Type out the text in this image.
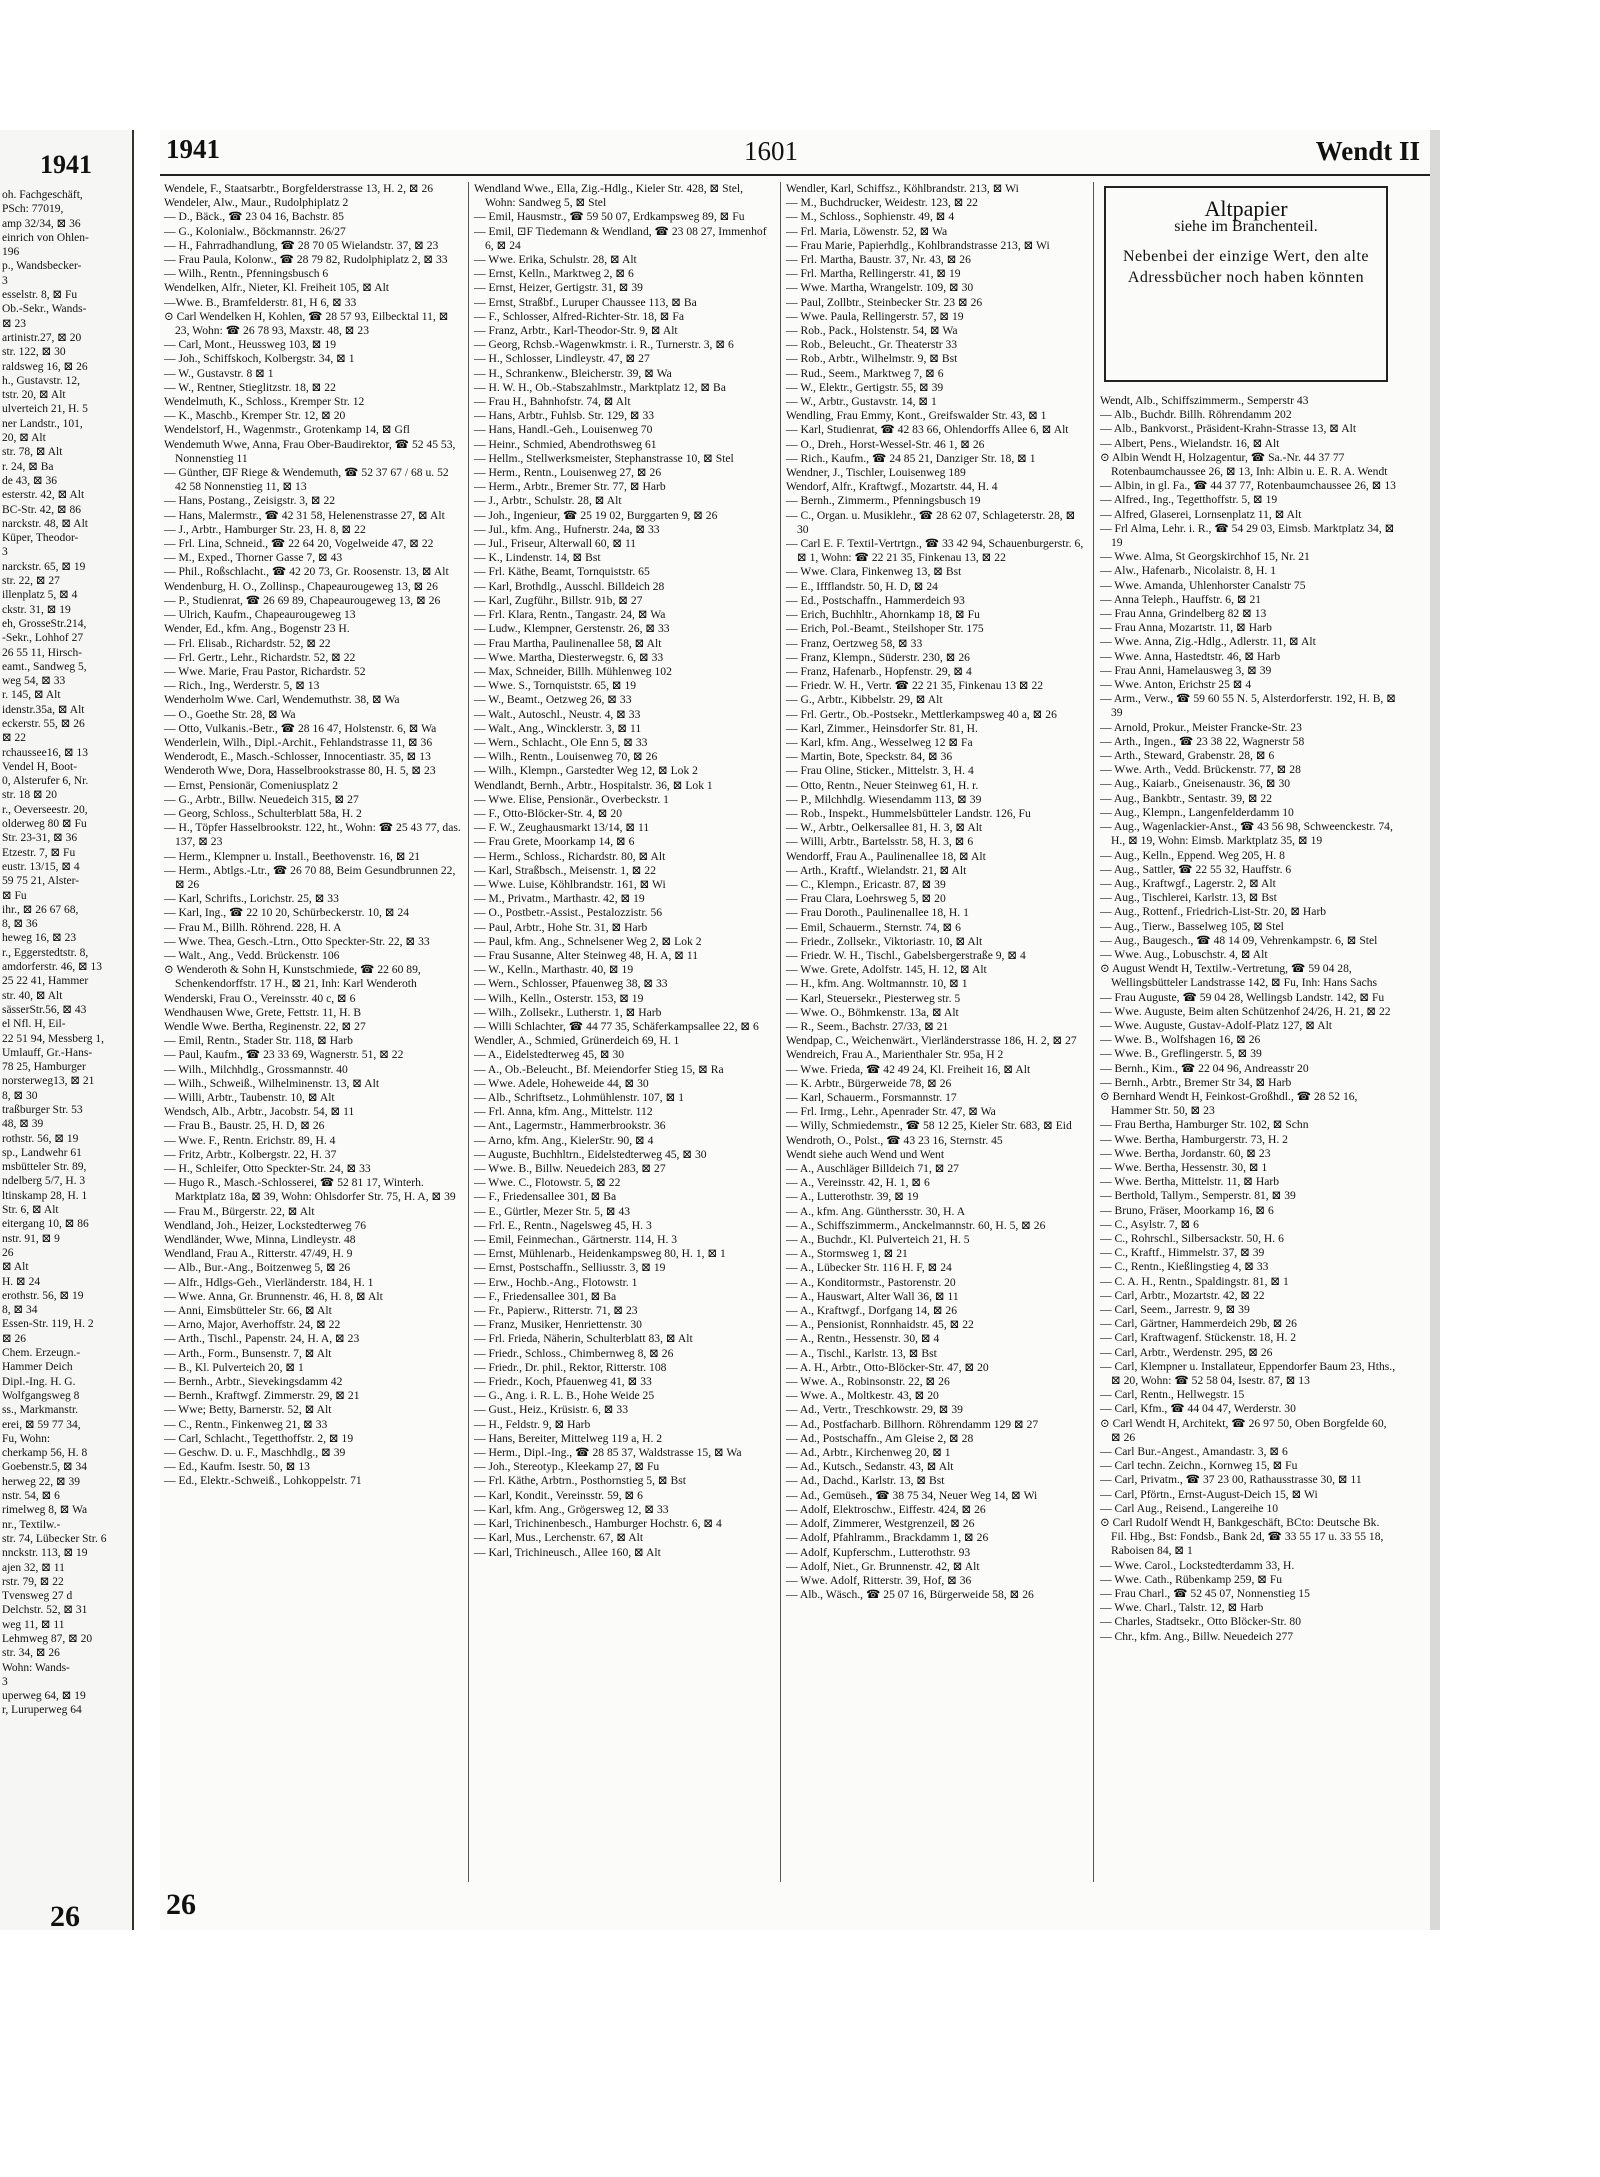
1941
oh. Fachgeschäft,
PSch: 77019,
amp 32/34, ⊠ 36
einrich von Ohlen-
196
p., Wandsbecker-
3
esselstr. 8, ⊠ Fu
Ob.-Sekr., Wands-
⊠ 23
artinistr.27, ⊠ 20
str. 122, ⊠ 30
raldsweg 16, ⊠ 26
h., Gustavstr. 12,
tstr. 20, ⊠ Alt
ulverteich 21, H. 5
ner Landstr., 101,
20, ⊠ Alt
str. 78, ⊠ Alt
r. 24, ⊠ Ba
de 43, ⊠ 36
esterstr. 42, ⊠ Alt
BC-Str. 42, ⊠ 86
narckstr. 48, ⊠ Alt
Küper, Theodor-
3
narckstr. 65, ⊠ 19
str. 22, ⊠ 27
illenplatz 5, ⊠ 4
ckstr. 31, ⊠ 19
eh, GrosseStr.214,
-Sekr., Lohhof 27
26 55 11, Hirsch-
eamt., Sandweg 5,
weg 54, ⊠ 33
r. 145, ⊠ Alt
idenstr.35a, ⊠ Alt
eckerstr. 55, ⊠ 26
⊠ 22
rchaussee16, ⊠ 13
Vendel H, Boot-
0, Alsterufer 6, Nr.
str. 18 ⊠ 20
r., Oeverseestr. 20,
olderweg 80 ⊠ Fu
Str. 23-31, ⊠ 36
Etzestr. 7, ⊠ Fu
eustr. 13/15, ⊠ 4
59 75 21, Alster-
⊠ Fu
ihr., ⊠ 26 67 68,
8, ⊠ 36
heweg 16, ⊠ 23
r., Eggerstedtstr. 8,
amdorferstr. 46, ⊠ 13
25 22 41, Hammer
str. 40, ⊠ Alt
sässerStr.56, ⊠ 43
el Nfl. H, Eil-
22 51 94, Messberg 1,
Umlauff, Gr.-Hans-
78 25, Hamburger
norsterweg13, ⊠ 21
8, ⊠ 30
traßburger Str. 53
48, ⊠ 39
rothstr. 56, ⊠ 19
sp., Landwehr 61
msbütteler Str. 89,
ndelberg 5/7, H. 3
ltinskamp 28, H. 1
Str. 6, ⊠ Alt
eitergang 10, ⊠ 86
nstr. 91, ⊠ 9
26
⊠ Alt
H. ⊠ 24
erothstr. 56, ⊠ 19
8, ⊠ 34
Essen-Str. 119, H. 2
⊠ 26
Chem. Erzeugn.-
Hammer Deich
Dipl.-Ing. H. G.
Wolfgangsweg 8
ss., Markmanstr.
erei, ⊠ 59 77 34,
Fu, Wohn:
cherkamp 56, H. 8
Goebenstr.5, ⊠ 34
herweg 22, ⊠ 39
nstr. 54, ⊠ 6
rimelweg 8, ⊠ Wa
nr., Textilw.-
str. 74, Lübecker Str. 6
nnckstr. 113, ⊠ 19
ajen 32, ⊠ 11
rstr. 79, ⊠ 22
Tvensweg 27 d
Delchstr. 52, ⊠ 31
weg 11, ⊠ 11
Lehmweg 87, ⊠ 20
str. 34, ⊠ 26
Wohn: Wands-
3
uperweg 64, ⊠ 19
r, Luruperweg 64
26
1941	1601	Wendt II

Wendele, F., Staatsarbtr., Borgfelderstrasse 13, H. 2, ⊠ 26

Wendeler, Alw., Maur., Rudolphiplatz 2

— D., Bäck., ☎ 23 04 16, Bachstr. 85

— G., Kolonialw., Böckmannstr. 26/27

— H., Fahrradhandlung, ☎ 28 70 05 Wielandstr. 37, ⊠ 23

— Frau Paula, Kolonw., ☎ 28 79 82, Rudolphiplatz 2, ⊠ 33

— Wilh., Rentn., Pfenningsbusch 6

Wendelken, Alfr., Nieter, Kl. Freiheit 105, ⊠ Alt

—Wwe. B., Bramfelderstr. 81, H 6, ⊠ 33

⊙ Carl Wendelken H, Kohlen, ☎ 28 57 93, Eilbecktal 11, ⊠ 23, Wohn: ☎ 26 78 93, Maxstr. 48, ⊠ 23

— Carl, Mont., Heussweg 103, ⊠ 19

— Joh., Schiffskoch, Kolbergstr. 34, ⊠ 1

— W., Gustavstr. 8 ⊠ 1

— W., Rentner, Stieglitzstr. 18, ⊠ 22

Wendelmuth, K., Schloss., Kremper Str. 12

— K., Maschb., Kremper Str. 12, ⊠ 20

Wendelstorf, H., Wagenmstr., Grotenkamp 14, ⊠ Gfl

Wendemuth Wwe, Anna, Frau Ober-Baudirektor, ☎ 52 45 53, Nonnenstieg 11

— Günther, ⊡F Riege & Wendemuth, ☎ 52 37 67 / 68 u. 52 42 58 Nonnenstieg 11, ⊠ 13

— Hans, Postang., Zeisigstr. 3, ⊠ 22

— Hans, Malermstr., ☎ 42 31 58, Helenenstrasse 27, ⊠ Alt

— J., Arbtr., Hamburger Str. 23, H. 8, ⊠ 22

— Frl. Lina, Schneid., ☎ 22 64 20, Vogelweide 47, ⊠ 22

— M., Exped., Thorner Gasse 7, ⊠ 43

— Phil., Roßschlacht., ☎ 42 20 73, Gr. Roosenstr. 13, ⊠ Alt

Wendenburg, H. O., Zollinsp., Chapeaurougeweg 13, ⊠ 26

— P., Studienrat, ☎ 26 69 89, Chapeaurougeweg 13, ⊠ 26

— Ulrich, Kaufm., Chapeaurougeweg 13

Wender, Ed., kfm. Ang., Bogenstr 23 H.

— Frl. Elisab., Richardstr. 52, ⊠ 22

— Frl. Gertr., Lehr., Richardstr. 52, ⊠ 22

— Wwe. Marie, Frau Pastor, Richardstr. 52

— Rich., Ing., Werderstr. 5, ⊠ 13

Wenderholm Wwe. Carl, Wendemuthstr. 38, ⊠ Wa

— O., Goethe Str. 28, ⊠ Wa

— Otto, Vulkanis.-Betr., ☎ 28 16 47, Holstenstr. 6, ⊠ Wa

Wenderlein, Wilh., Dipl.-Archit., Fehlandstrasse 11, ⊠ 36

Wenderodt, E., Masch.-Schlosser, Innocentiastr. 35, ⊠ 13

Wenderoth Wwe, Dora, Hasselbrookstrasse 80, H. 5, ⊠ 23

— Ernst, Pensionär, Comeniusplatz 2

— G., Arbtr., Billw. Neuedeich 315, ⊠ 27

— Georg, Schloss., Schulterblatt 58a, H. 2

— H., Töpfer Hasselbrookstr. 122, ht., Wohn: ☎ 25 43 77, das. 137, ⊠ 23

— Herm., Klempner u. Install., Beethovenstr. 16, ⊠ 21

— Herm., Abtlgs.-Ltr., ☎ 26 70 88, Beim Gesundbrunnen 22, ⊠ 26

— Karl, Schrifts., Lorichstr. 25, ⊠ 33

— Karl, Ing., ☎ 22 10 20, Schürbeckerstr. 10, ⊠ 24

— Frau M., Billh. Röhrend. 228, H. A

— Wwe. Thea, Gesch.-Ltrn., Otto Speckter-Str. 22, ⊠ 33

— Walt., Ang., Vedd. Brückenstr. 106

⊙ Wenderoth & Sohn H, Kunstschmiede, ☎ 22 60 89, Schenkendorffstr. 17 H., ⊠ 21, Inh: Karl Wenderoth

Wenderski, Frau O., Vereinsstr. 40 c, ⊠ 6

Wendhausen Wwe, Grete, Fettstr. 11, H. B

Wendle Wwe. Bertha, Reginenstr. 22, ⊠ 27

— Emil, Rentn., Stader Str. 118, ⊠ Harb

— Paul, Kaufm., ☎ 23 33 69, Wagnerstr. 51, ⊠ 22

— Wilh., Milchhdlg., Grossmannstr. 40

— Wilh., Schweiß., Wilhelminenstr. 13, ⊠ Alt

— Willi, Arbtr., Taubenstr. 10, ⊠ Alt

Wendsch, Alb., Arbtr., Jacobstr. 54, ⊠ 11

— Frau B., Baustr. 25, H. D, ⊠ 26

— Wwe. F., Rentn. Erichstr. 89, H. 4

— Fritz, Arbtr., Kolbergstr. 22, H. 37

— H., Schleifer, Otto Speckter-Str. 24, ⊠ 33

— Hugo R., Masch.-Schlosserei, ☎ 52 81 17, Winterh. Marktplatz 18a, ⊠ 39, Wohn: Ohlsdorfer Str. 75, H. A, ⊠ 39

— Frau M., Bürgerstr. 22, ⊠ Alt

Wendland, Joh., Heizer, Lockstedterweg 76

Wendländer, Wwe, Minna, Lindleystr. 48

Wendland, Frau A., Ritterstr. 47/49, H. 9

— Alb., Bur.-Ang., Boitzenweg 5, ⊠ 26

— Alfr., Hdlgs-Geh., Vierländerstr. 184, H. 1

— Wwe. Anna, Gr. Brunnenstr. 46, H. 8, ⊠ Alt

— Anni, Eimsbütteler Str. 66, ⊠ Alt

— Arno, Major, Averhoffstr. 24, ⊠ 22

— Arth., Tischl., Papenstr. 24, H. A, ⊠ 23

— Arth., Form., Bunsenstr. 7, ⊠ Alt

— B., Kl. Pulverteich 20, ⊠ 1

— Bernh., Arbtr., Sievekingsdamm 42

— Bernh., Kraftwgf. Zimmerstr. 29, ⊠ 21

— Wwe; Betty, Barnerstr. 52, ⊠ Alt

— C., Rentn., Finkenweg 21, ⊠ 33

— Carl, Schlacht., Tegetthoffstr. 2, ⊠ 19

— Geschw. D. u. F., Maschhdlg., ⊠ 39

— Ed., Kaufm. Isestr. 50, ⊠ 13

— Ed., Elektr.-Schweiß., Lohkoppelstr. 71

Wendland Wwe., Ella, Zig.-Hdlg., Kieler Str. 428, ⊠ Stel, Wohn: Sandweg 5, ⊠ Stel

— Emil, Hausmstr., ☎ 59 50 07, Erdkampsweg 89, ⊠ Fu

— Emil, ⊡F Tiedemann & Wendland, ☎ 23 08 27, Immenhof 6, ⊠ 24

— Wwe. Erika, Schulstr. 28, ⊠ Alt

— Ernst, Kelln., Marktweg 2, ⊠ 6

— Ernst, Heizer, Gertigstr. 31, ⊠ 39

— Ernst, Straßbf., Luruper Chaussee 113, ⊠ Ba

— F., Schlosser, Alfred-Richter-Str. 18, ⊠ Fa

— Franz, Arbtr., Karl-Theodor-Str. 9, ⊠ Alt

— Georg, Rchsb.-Wagenwkmstr. i. R., Turnerstr. 3, ⊠ 6

— H., Schlosser, Lindleystr. 47, ⊠ 27

— H., Schrankenw., Bleicherstr. 39, ⊠ Wa

— H. W. H., Ob.-Stabszahlmstr., Marktplatz 12, ⊠ Ba

— Frau H., Bahnhofstr. 74, ⊠ Alt

— Hans, Arbtr., Fuhlsb. Str. 129, ⊠ 33

— Hans, Handl.-Geh., Louisenweg 70

— Heinr., Schmied, Abendrothsweg 61

— Hellm., Stellwerksmeister, Stephanstrasse 10, ⊠ Stel

— Herm., Rentn., Louisenweg 27, ⊠ 26

— Herm., Arbtr., Bremer Str. 77, ⊠ Harb

— J., Arbtr., Schulstr. 28, ⊠ Alt

— Joh., Ingenieur, ☎ 25 19 02, Burggarten 9, ⊠ 26

— Jul., kfm. Ang., Hufnerstr. 24a, ⊠ 33

— Jul., Friseur, Alterwall 60, ⊠ 11

— K., Lindenstr. 14, ⊠ Bst

— Frl. Käthe, Beamt, Tornquiststr. 65

— Karl, Brothdlg., Ausschl. Billdeich 28

— Karl, Zugführ., Billstr. 91b, ⊠ 27

— Frl. Klara, Rentn., Tangastr. 24, ⊠ Wa

— Ludw., Klempner, Gerstenstr. 26, ⊠ 33

— Frau Martha, Paulinenallee 58, ⊠ Alt

— Wwe. Martha, Diesterwegstr. 6, ⊠ 33

— Max, Schneider, Billh. Mühlenweg 102

— Wwe. S., Tornquiststr. 65, ⊠ 19

— W., Beamt., Oetzweg 26, ⊠ 33

— Walt., Autoschl., Neustr. 4, ⊠ 33

— Walt., Ang., Wincklerstr. 3, ⊠ 11

— Wern., Schlacht., Ole Enn 5, ⊠ 33

— Wilh., Rentn., Louisenweg 70, ⊠ 26

— Wilh., Klempn., Garstedter Weg 12, ⊠ Lok 2

Wendlandt, Bernh., Arbtr., Hospitalstr. 36, ⊠ Lok 1

— Wwe. Elise, Pensionär., Overbeckstr. 1

— F., Otto-Blöcker-Str. 4, ⊠ 20

— F. W., Zeughausmarkt 13/14, ⊠ 11

— Frau Grete, Moorkamp 14, ⊠ 6

— Herm., Schloss., Richardstr. 80, ⊠ Alt

— Karl, Straßbsch., Meisenstr. 1, ⊠ 22

— Wwe. Luise, Köhlbrandstr. 161, ⊠ Wi

— M., Privatm., Marthastr. 42, ⊠ 19

— O., Postbetr.-Assist., Pestalozzistr. 56

— Paul, Arbtr., Hohe Str. 31, ⊠ Harb

— Paul, kfm. Ang., Schnelsener Weg 2, ⊠ Lok 2

— Frau Susanne, Alter Steinweg 48, H. A, ⊠ 11

— W., Kelln., Marthastr. 40, ⊠ 19

— Wern., Schlosser, Pfauenweg 38, ⊠ 33

— Wilh., Kelln., Osterstr. 153, ⊠ 19

— Wilh., Zollsekr., Lutherstr. 1, ⊠ Harb

— Willi Schlachter, ☎ 44 77 35, Schäferkampsallee 22, ⊠ 6

Wendler, A., Schmied, Grünerdeich 69, H. 1

— A., Eidelstedterweg 45, ⊠ 30

— A., Ob.-Beleucht., Bf. Meiendorfer Stieg 15, ⊠ Ra

— Wwe. Adele, Hoheweide 44, ⊠ 30

— Alb., Schriftsetz., Lohmühlenstr. 107, ⊠ 1

— Frl. Anna, kfm. Ang., Mittelstr. 112

— Ant., Lagermstr., Hammerbrookstr. 36

— Arno, kfm. Ang., KielerStr. 90, ⊠ 4

— Auguste, Buchhltrn., Eidelstedterweg 45, ⊠ 30

— Wwe. B., Billw. Neuedeich 283, ⊠ 27

— Wwe. C., Flotowstr. 5, ⊠ 22

— F., Friedensallee 301, ⊠ Ba

— E., Gürtler, Mezer Str. 5, ⊠ 43

— Frl. E., Rentn., Nagelsweg 45, H. 3

— Emil, Feinmechan., Gärtnerstr. 114, H. 3

— Ernst, Mühlenarb., Heidenkampsweg 80, H. 1, ⊠ 1

— Ernst, Postschaffn., Selliusstr. 3, ⊠ 19

— Erw., Hochb.-Ang., Flotowstr. 1

— F., Friedensallee 301, ⊠ Ba

— Fr., Papierw., Ritterstr. 71, ⊠ 23

— Franz, Musiker, Henriettenstr. 30

— Frl. Frieda, Näherin, Schulterblatt 83, ⊠ Alt

— Friedr., Schloss., Chimbernweg 8, ⊠ 26

— Friedr., Dr. phil., Rektor, Ritterstr. 108

— Friedr., Koch, Pfauenweg 41, ⊠ 33

— G., Ang. i. R. L. B., Hohe Weide 25

— Gust., Heiz., Krüsistr. 6, ⊠ 33

— H., Feldstr. 9, ⊠ Harb

— Hans, Bereiter, Mittelweg 119 a, H. 2

— Herm., Dipl.-Ing., ☎ 28 85 37, Waldstrasse 15, ⊠ Wa

— Joh., Stereotyp., Kleekamp 27, ⊠ Fu

— Frl. Käthe, Arbtrn., Posthornstieg 5, ⊠ Bst

— Karl, Kondit., Vereinsstr. 59, ⊠ 6

— Karl, kfm. Ang., Grögersweg 12, ⊠ 33

— Karl, Trichinenbesch., Hamburger Hochstr. 6, ⊠ 4

— Karl, Mus., Lerchenstr. 67, ⊠ Alt

— Karl, Trichineusch., Allee 160, ⊠ Alt

Wendler, Karl, Schiffsz., Köhlbrandstr. 213, ⊠ Wi

— M., Buchdrucker, Weidestr. 123, ⊠ 22

— M., Schloss., Sophienstr. 49, ⊠ 4

— Frl. Maria, Löwenstr. 52, ⊠ Wa

— Frau Marie, Papierhdlg., Kohlbrandstrasse 213, ⊠ Wi

— Frl. Martha, Baustr. 37, Nr. 43, ⊠ 26

— Frl. Martha, Rellingerstr. 41, ⊠ 19

— Wwe. Martha, Wrangelstr. 109, ⊠ 30

— Paul, Zollbtr., Steinbecker Str. 23 ⊠ 26

— Wwe. Paula, Rellingerstr. 57, ⊠ 19

— Rob., Pack., Holstenstr. 54, ⊠ Wa

— Rob., Beleucht., Gr. Theaterstr 33

— Rob., Arbtr., Wilhelmstr. 9, ⊠ Bst

— Rud., Seem., Marktweg 7, ⊠ 6

— W., Elektr., Gertigstr. 55, ⊠ 39

— W., Arbtr., Gustavstr. 14, ⊠ 1

Wendling, Frau Emmy, Kont., Greifswalder Str. 43, ⊠ 1

— Karl, Studienrat, ☎ 42 83 66, Ohlendorffs Allee 6, ⊠ Alt

— O., Dreh., Horst-Wessel-Str. 46 1, ⊠ 26

— Rich., Kaufm., ☎ 24 85 21, Danziger Str. 18, ⊠ 1

Wendner, J., Tischler, Louisenweg 189

Wendorf, Alfr., Kraftwgf., Mozartstr. 44, H. 4

— Bernh., Zimmerm., Pfenningsbusch 19

— C., Organ. u. Musiklehr., ☎ 28 62 07, Schlageterstr. 28, ⊠ 30

— Carl E. F. Textil-Vertrtgn., ☎ 33 42 94, Schauenburgerstr. 6, ⊠ 1, Wohn: ☎ 22 21 35, Finkenau 13, ⊠ 22

— Wwe. Clara, Finkenweg 13, ⊠ Bst

— E., Iffflandstr. 50, H. D, ⊠ 24

— Ed., Postschaffn., Hammerdeich 93

— Erich, Buchhltr., Ahornkamp 18, ⊠ Fu

— Erich, Pol.-Beamt., Steilshoper Str. 175

— Franz, Oertzweg 58, ⊠ 33

— Franz, Klempn., Süderstr. 230, ⊠ 26

— Franz, Hafenarb., Hopfenstr. 29, ⊠ 4

— Friedr. W. H., Vertr. ☎ 22 21 35, Finkenau 13 ⊠ 22

— G., Arbtr., Kibbelstr. 29, ⊠ Alt

— Frl. Gertr., Ob.-Postsekr., Mettlerkampsweg 40 a, ⊠ 26

— Karl, Zimmer., Heinsdorfer Str. 81, H.

— Karl, kfm. Ang., Wesselweg 12 ⊠ Fa

— Martin, Bote, Speckstr. 84, ⊠ 36

— Frau Oline, Sticker., Mittelstr. 3, H. 4

— Otto, Rentn., Neuer Steinweg 61, H. r.

— P., Milchhdlg. Wiesendamm 113, ⊠ 39

— Rob., Inspekt., Hummelsbütteler Landstr. 126, Fu

— W., Arbtr., Oelkersallee 81, H. 3, ⊠ Alt

— Willi, Arbtr., Bartelsstr. 58, H. 3, ⊠ 6

Wendorff, Frau A., Paulinenallee 18, ⊠ Alt

— Arth., Kraftf., Wielandstr. 21, ⊠ Alt

— C., Klempn., Ericastr. 87, ⊠ 39

— Frau Clara, Loehrsweg 5, ⊠ 20

— Frau Doroth., Paulinenallee 18, H. 1

— Emil, Schauerm., Sternstr. 74, ⊠ 6

— Friedr., Zollsekr., Viktoriastr. 10, ⊠ Alt

— Friedr. W. H., Tischl., Gabelsbergerstraße 9, ⊠ 4

— Wwe. Grete, Adolfstr. 145, H. 12, ⊠ Alt

— H., kfm. Ang. Woltmannstr. 10, ⊠ 1

— Karl, Steuersekr., Piesterweg str. 5

— Wwe. O., Böhmkenstr. 13a, ⊠ Alt

— R., Seem., Bachstr. 27/33, ⊠ 21

Wendpap, C., Weichenwärt., Vierländerstrasse 186, H. 2, ⊠ 27

Wendreich, Frau A., Marienthaler Str. 95a, H 2

— Wwe. Frieda, ☎ 42 49 24, Kl. Freiheit 16, ⊠ Alt

— K. Arbtr., Bürgerweide 78, ⊠ 26

— Karl, Schauerm., Forsmannstr. 17

— Frl. Irmg., Lehr., Apenrader Str. 47, ⊠ Wa

— Willy, Schmiedemstr., ☎ 58 12 25, Kieler Str. 683, ⊠ Eid

Wendroth, O., Polst., ☎ 43 23 16, Sternstr. 45

Wendt siehe auch Wend und Went

— A., Auschläger Billdeich 71, ⊠ 27

— A., Vereinsstr. 42, H. 1, ⊠ 6

— A., Lutterothstr. 39, ⊠ 19

— A., kfm. Ang. Günthersstr. 30, H. A

— A., Schiffszimmerm., Anckelmannstr. 60, H. 5, ⊠ 26

— A., Buchdr., Kl. Pulverteich 21, H. 5

— A., Stormsweg 1, ⊠ 21

— A., Lübecker Str. 116 H. F, ⊠ 24

— A., Konditormstr., Pastorenstr. 20

— A., Hauswart, Alter Wall 36, ⊠ 11

— A., Kraftwgf., Dorfgang 14, ⊠ 26

— A., Pensionist, Ronnhaidstr. 45, ⊠ 22

— A., Rentn., Hessenstr. 30, ⊠ 4

— A., Tischl., Karlstr. 13, ⊠ Bst

— A. H., Arbtr., Otto-Blöcker-Str. 47, ⊠ 20

— Wwe. A., Robinsonstr. 22, ⊠ 26

— Wwe. A., Moltkestr. 43, ⊠ 20

— Ad., Vertr., Treschkowstr. 29, ⊠ 39

— Ad., Postfacharb. Billhorn. Röhrendamm 129 ⊠ 27

— Ad., Postschaffn., Am Gleise 2, ⊠ 28

— Ad., Arbtr., Kirchenweg 20, ⊠ 1

— Ad., Kutsch., Sedanstr. 43, ⊠ Alt

— Ad., Dachd., Karlstr. 13, ⊠ Bst

— Ad., Gemüseh., ☎ 38 75 34, Neuer Weg 14, ⊠ Wi

— Adolf, Elektroschw., Eiffestr. 424, ⊠ 26

— Adolf, Zimmerer, Westgrenzeil, ⊠ 26

— Adolf, Pfahlramm., Brackdamm 1, ⊠ 26

— Adolf, Kupferschm., Lutterothstr. 93

— Adolf, Niet., Gr. Brunnenstr. 42, ⊠ Alt

— Wwe. Adolf, Ritterstr. 39, Hof, ⊠ 36

— Alb., Wäsch., ☎ 25 07 16, Bürgerweide 58, ⊠ 26

Altpapier
siehe im Branchenteil.
Nebenbei der einzige Wert, den alte Adressbücher noch haben könnten

Wendt, Alb., Schiffszimmerm., Semperstr 43

— Alb., Buchdr. Billh. Röhrendamm 202

— Alb., Bankvorst., Präsident-Krahn-Strasse 13, ⊠ Alt

— Albert, Pens., Wielandstr. 16, ⊠ Alt

⊙ Albin Wendt H, Holzagentur, ☎ Sa.-Nr. 44 37 77 Rotenbaumchaussee 26, ⊠ 13, Inh: Albin u. E. R. A. Wendt

— Albin, in gl. Fa., ☎ 44 37 77, Rotenbaumchaussee 26, ⊠ 13

— Alfred., Ing., Tegetthoffstr. 5, ⊠ 19

— Alfred, Glaserei, Lornsenplatz 11, ⊠ Alt

— Frl Alma, Lehr. i. R., ☎ 54 29 03, Eimsb. Marktplatz 34, ⊠ 19

— Wwe. Alma, St Georgskirchhof 15, Nr. 21

— Alw., Hafenarb., Nicolaistr. 8, H. 1

— Wwe. Amanda, Uhlenhorster Canalstr 75

— Anna Teleph., Hauffstr. 6, ⊠ 21

— Frau Anna, Grindelberg 82 ⊠ 13

— Frau Anna, Mozartstr. 11, ⊠ Harb

— Wwe. Anna, Zig.-Hdlg., Adlerstr. 11, ⊠ Alt

— Wwe. Anna, Hastedtstr. 46, ⊠ Harb

— Frau Anni, Hamelausweg 3, ⊠ 39

— Wwe. Anton, Erichstr 25 ⊠ 4

— Arm., Verw., ☎ 59 60 55 N. 5, Alsterdorferstr. 192, H. B, ⊠ 39

— Arnold, Prokur., Meister Francke-Str. 23

— Arth., Ingen., ☎ 23 38 22, Wagnerstr 58

— Arth., Steward, Grabenstr. 28, ⊠ 6

— Wwe. Arth., Vedd. Brückenstr. 77, ⊠ 28

— Aug., Kaiarb., Gneisenaustr. 36, ⊠ 30

— Aug., Bankbtr., Sentastr. 39, ⊠ 22

— Aug., Klempn., Langenfelderdamm 10

— Aug., Wagenlackier-Anst., ☎ 43 56 98, Schweenckestr. 74, H., ⊠ 19, Wohn: Eimsb. Marktplatz 35, ⊠ 19

— Aug., Kelln., Eppend. Weg 205, H. 8

— Aug., Sattler, ☎ 22 55 32, Hauffstr. 6

— Aug., Kraftwgf., Lagerstr. 2, ⊠ Alt

— Aug., Tischlerei, Karlstr. 13, ⊠ Bst

— Aug., Rottenf., Friedrich-List-Str. 20, ⊠ Harb

— Aug., Tierw., Basselweg 105, ⊠ Stel

— Aug., Baugesch., ☎ 48 14 09, Vehrenkampstr. 6, ⊠ Stel

— Wwe. Aug., Lobuschstr. 4, ⊠ Alt

⊙ August Wendt H, Textilw.-Vertretung, ☎ 59 04 28, Wellingsbütteler Landstrasse 142, ⊠ Fu, Inh: Hans Sachs

— Frau Auguste, ☎ 59 04 28, Wellingsb Landstr. 142, ⊠ Fu

— Wwe. Auguste, Beim alten Schützenhof 24/26, H. 21, ⊠ 22

— Wwe. Auguste, Gustav-Adolf-Platz 127, ⊠ Alt

— Wwe. B., Wolfshagen 16, ⊠ 26

— Wwe. B., Greflingerstr. 5, ⊠ 39

— Bernh., Kim., ☎ 22 04 96, Andreasstr 20

— Bernh., Arbtr., Bremer Str 34, ⊠ Harb

⊙ Bernhard Wendt H, Feinkost-Großhdl., ☎ 28 52 16, Hammer Str. 50, ⊠ 23

— Frau Bertha, Hamburger Str. 102, ⊠ Schn

— Wwe. Bertha, Hamburgerstr. 73, H. 2

— Wwe. Bertha, Jordanstr. 60, ⊠ 23

— Wwe. Bertha, Hessenstr. 30, ⊠ 1

— Wwe. Bertha, Mittelstr. 11, ⊠ Harb

— Berthold, Tallym., Semperstr. 81, ⊠ 39

— Bruno, Fräser, Moorkamp 16, ⊠ 6

— C., Asylstr. 7, ⊠ 6

— C., Rohrschl., Silbersackstr. 50, H. 6

— C., Kraftf., Himmelstr. 37, ⊠ 39

— C., Rentn., Kießlingstieg 4, ⊠ 33

— C. A. H., Rentn., Spaldingstr. 81, ⊠ 1

— Carl, Arbtr., Mozartstr. 42, ⊠ 22

— Carl, Seem., Jarrestr. 9, ⊠ 39

— Carl, Gärtner, Hammerdeich 29b, ⊠ 26

— Carl, Kraftwagenf. Stückenstr. 18, H. 2

— Carl, Arbtr., Werdenstr. 295, ⊠ 26

— Carl, Klempner u. Installateur, Eppendorfer Baum 23, Hths., ⊠ 20, Wohn: ☎ 52 58 04, Isestr. 87, ⊠ 13

— Carl, Rentn., Hellwegstr. 15

— Carl, Kfm., ☎ 44 04 47, Werderstr. 30

⊙ Carl Wendt H, Architekt, ☎ 26 97 50, Oben Borgfelde 60, ⊠ 26

— Carl Bur.-Angest., Amandastr. 3, ⊠ 6

— Carl techn. Zeichn., Kornweg 15, ⊠ Fu

— Carl, Privatm., ☎ 37 23 00, Rathausstrasse 30, ⊠ 11

— Carl, Pförtn., Ernst-August-Deich 15, ⊠ Wi

— Carl Aug., Reisend., Langereihe 10

⊙ Carl Rudolf Wendt H, Bankgeschäft, BCto: Deutsche Bk. Fil. Hbg., Bst: Fondsb., Bank 2d, ☎ 33 55 17 u. 33 55 18, Raboisen 84, ⊠ 1

— Wwe. Carol., Lockstedterdamm 33, H.

— Wwe. Cath., Rübenkamp 259, ⊠ Fu

— Frau Charl., ☎ 52 45 07, Nonnenstieg 15

— Wwe. Charl., Talstr. 12, ⊠ Harb

— Charles, Stadtsekr., Otto Blöcker-Str. 80

— Chr., kfm. Ang., Billw. Neuedeich 277

26
